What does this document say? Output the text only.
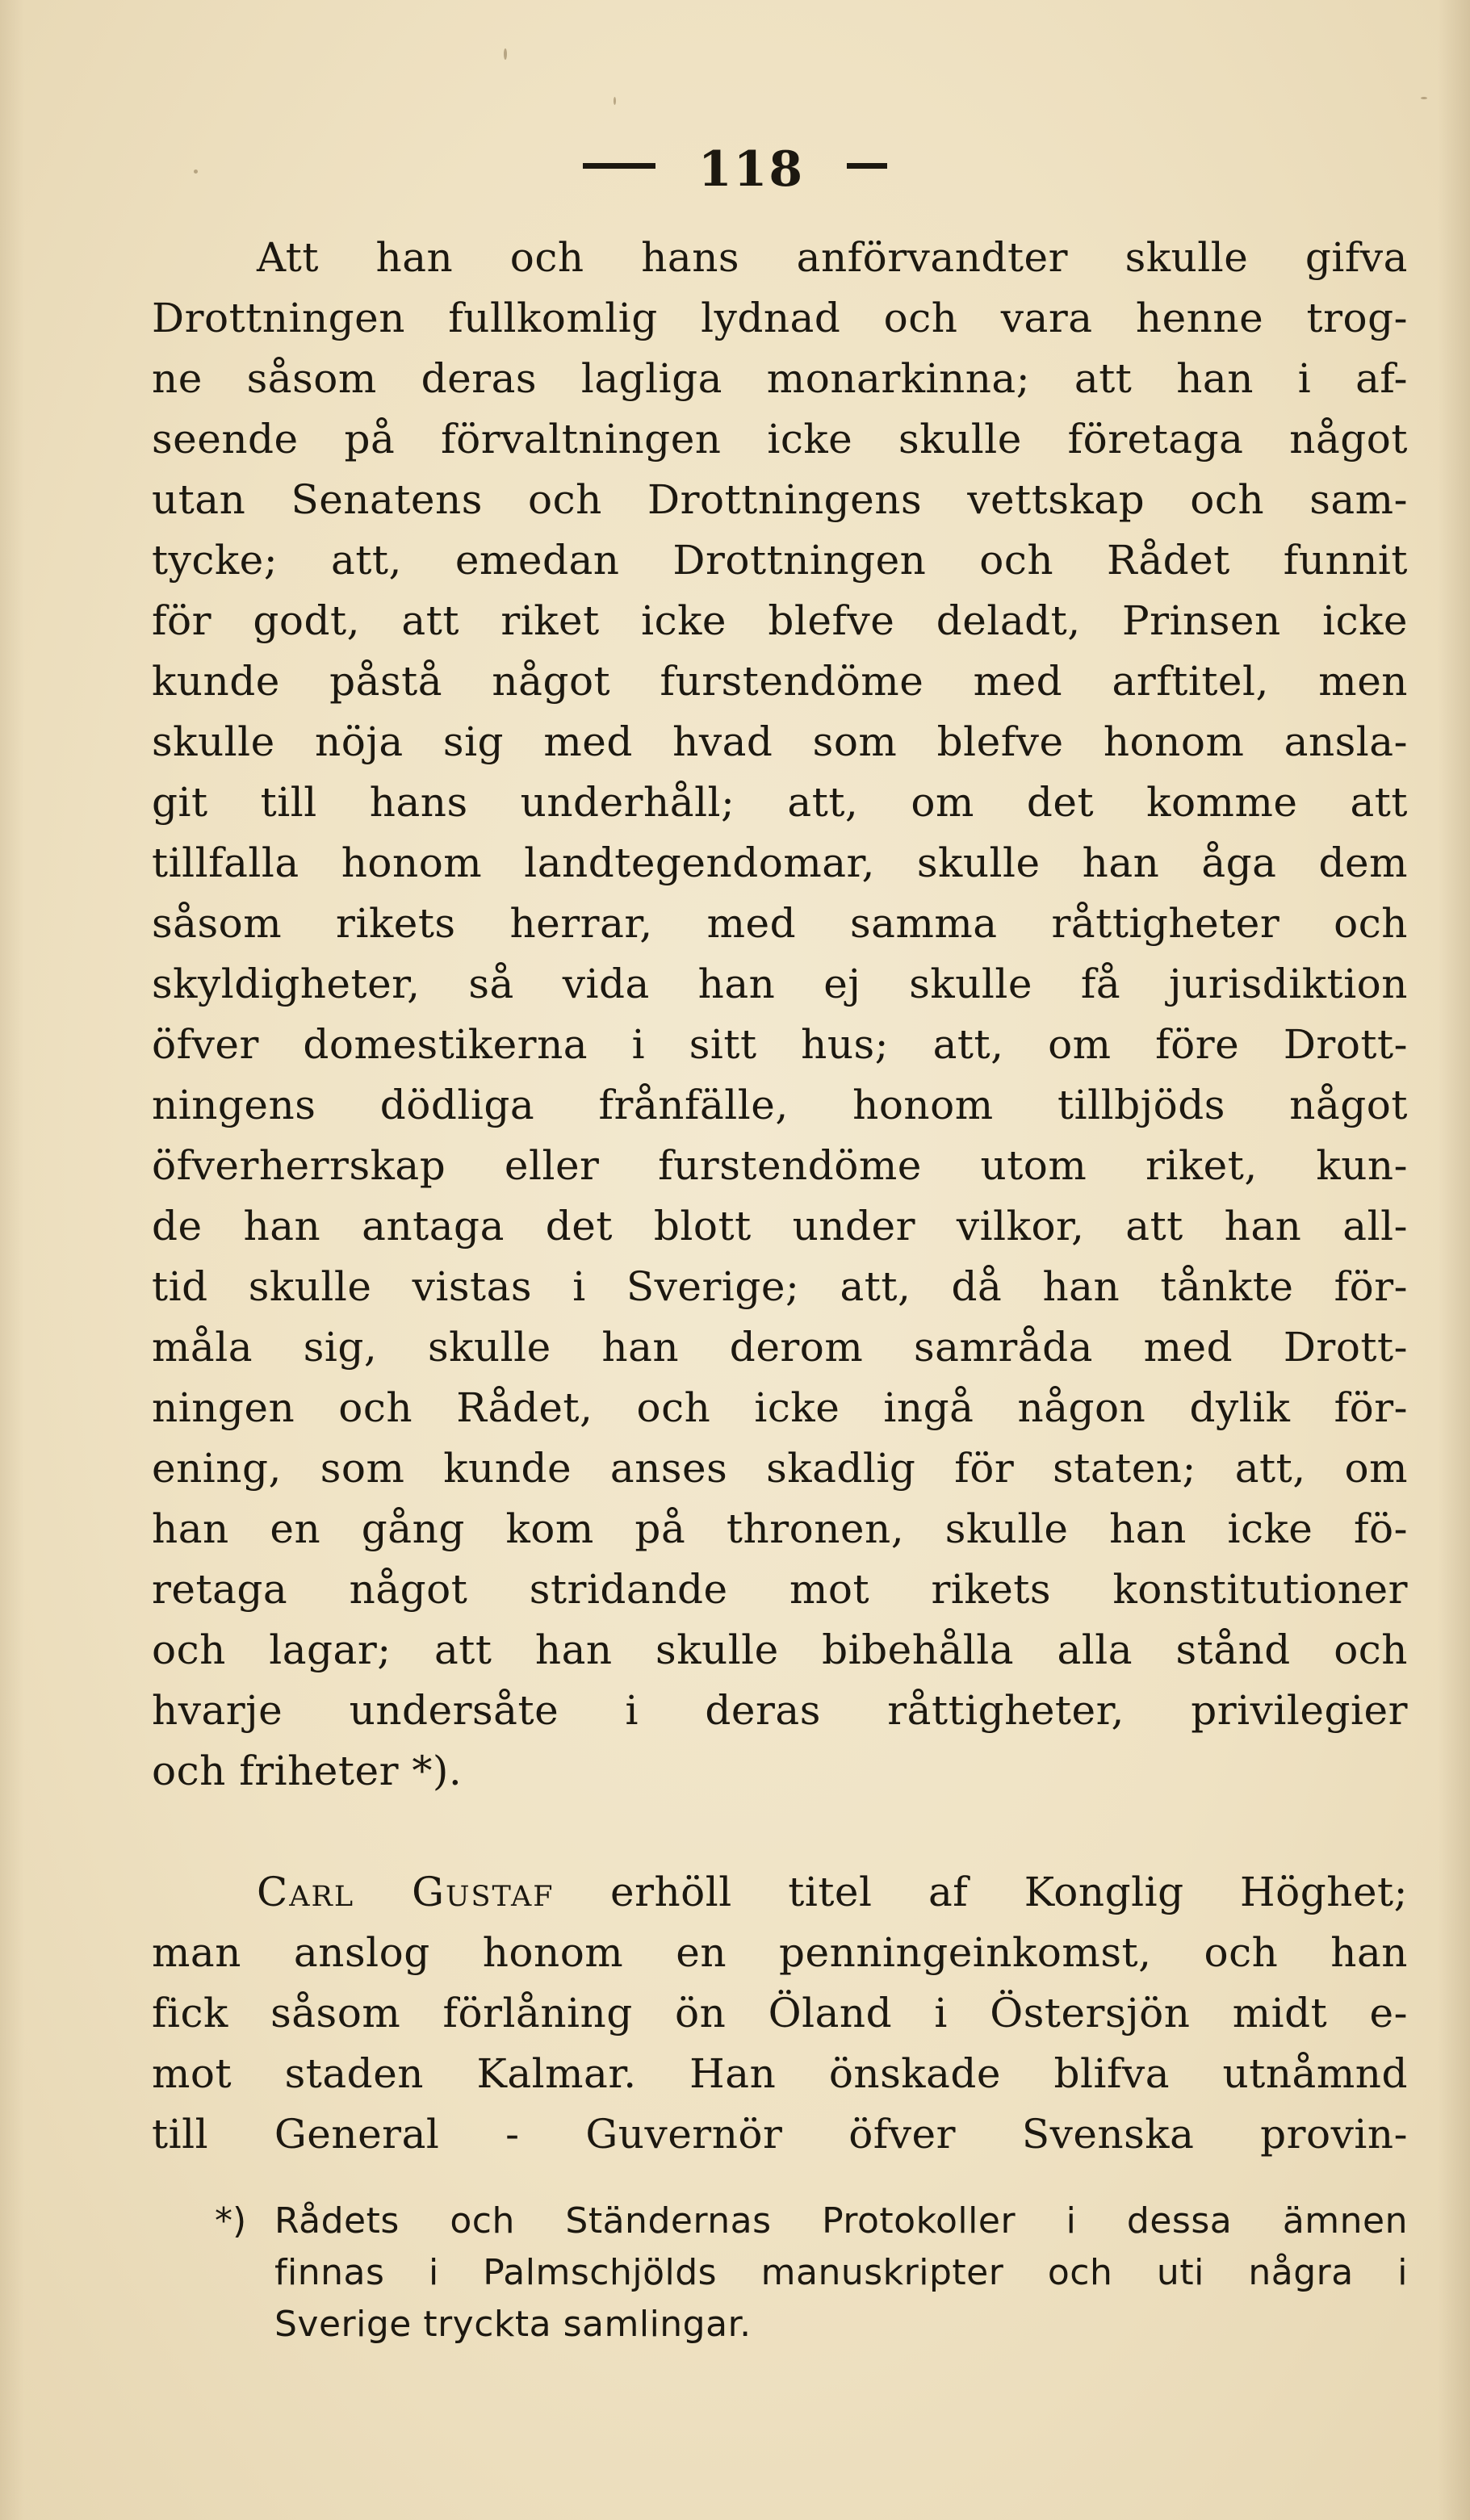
118
Att han och hans anförvandter skulle gifva
Drottningen fullkomlig lydnad och vara henne trog-
ne såsom deras lagliga monarkinna; att han i af-
seende på förvaltningen icke skulle företaga något
utan Senatens och Drottningens vettskap och sam-
tycke; att, emedan Drottningen och Rådet funnit
för godt, att riket icke blefve deladt, Prinsen icke
kunde påstå något furstendöme med arftitel, men
skulle nöja sig med hvad som blefve honom ansla-
git till hans underhåll; att, om det komme att
tillfalla honom landtegendomar, skulle han åga dem
såsom rikets herrar, med samma råttigheter och
skyldigheter, så vida han ej skulle få jurisdiktion
öfver domestikerna i sitt hus; att, om före Drott-
ningens dödliga frånfälle, honom tillbjöds något
öfverherrskap eller furstendöme utom riket, kun-
de han antaga det blott under vilkor, att han all-
tid skulle vistas i Sverige; att, då han tånkte för-
måla sig, skulle han derom samråda med Drott-
ningen och Rådet, och icke ingå någon dylik för-
ening, som kunde anses skadlig för staten; att, om
han en gång kom på thronen, skulle han icke fö-
retaga något stridande mot rikets konstitutioner
och lagar; att han skulle bibehålla alla stånd och
hvarje undersåte i deras råttigheter, privilegier
och friheter *).
Carl Gustaf erhöll titel af Konglig Höghet;
man anslog honom en penningeinkomst, och han
fick såsom förlåning ön Öland i Östersjön midt e-
mot staden Kalmar. Han önskade blifva utnåmnd
till General - Guvernör öfver Svenska provin-
*) Rådets och Ständernas Protokoller i dessa ämnen
finnas i Palmschjölds manuskripter och uti några i
Sverige tryckta samlingar.
